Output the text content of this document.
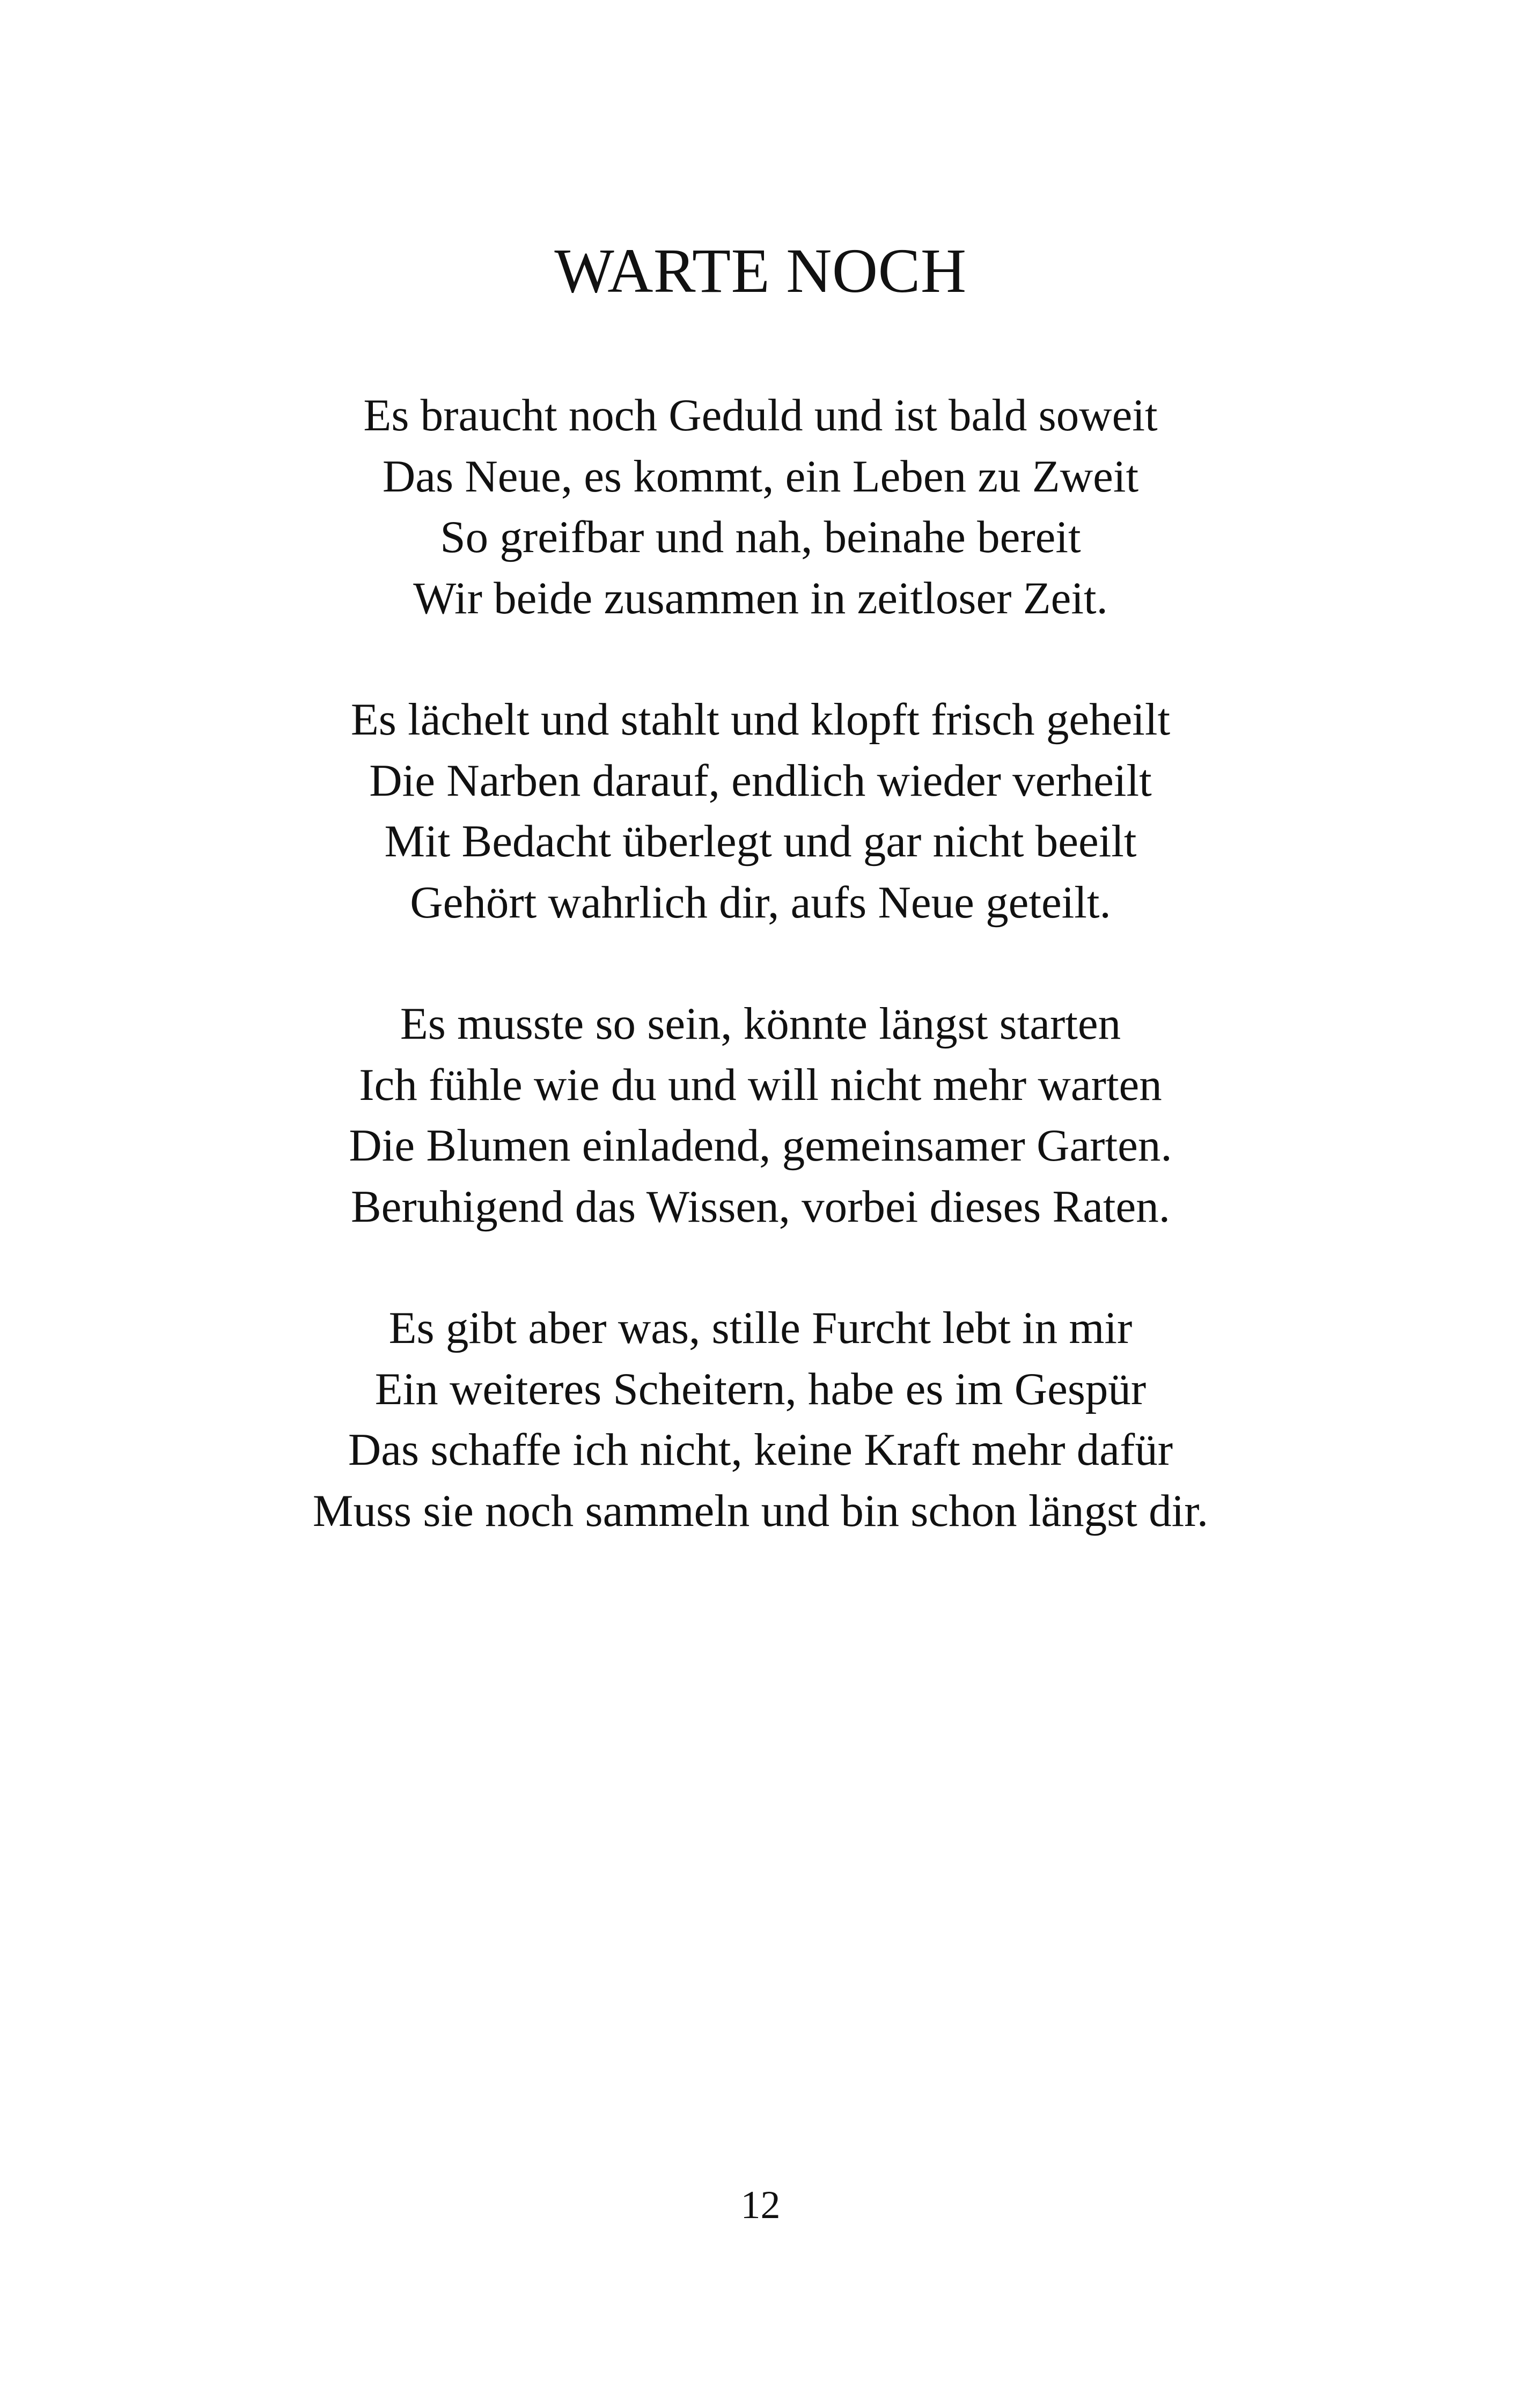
WARTE NOCH
Es braucht noch Geduld und ist bald soweit
Das Neue, es kommt, ein Leben zu Zweit
So greifbar und nah, beinahe bereit
Wir beide zusammen in zeitloser Zeit.
Es lächelt und stahlt und klopft frisch geheilt
Die Narben darauf, endlich wieder verheilt
Mit Bedacht überlegt und gar nicht beeilt
Gehört wahrlich dir, aufs Neue geteilt.
Es musste so sein, könnte längst starten
Ich fühle wie du und will nicht mehr warten
Die Blumen einladend, gemeinsamer Garten.
Beruhigend das Wissen, vorbei dieses Raten.
Es gibt aber was, stille Furcht lebt in mir
Ein weiteres Scheitern, habe es im Gespür
Das schaffe ich nicht, keine Kraft mehr dafür
Muss sie noch sammeln und bin schon längst dir.
12
